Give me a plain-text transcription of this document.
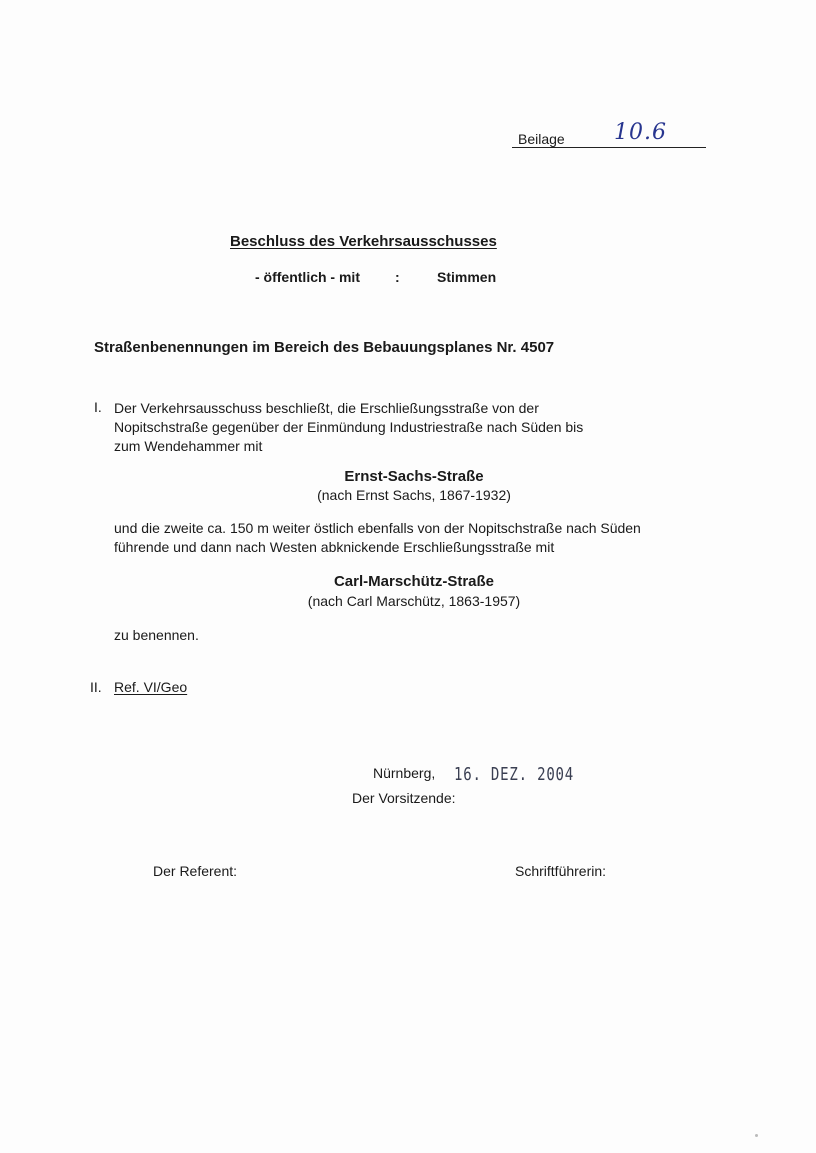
Beilage 10.6
Beschluss des Verkehrsausschusses
- öffentlich - mit	:	Stimmen
Straßenbenennungen im Bereich des Bebauungsplanes Nr. 4507
I. Der Verkehrsausschuss beschließt, die Erschließungsstraße von der
Nopitschstraße gegenüber der Einmündung Industriestraße nach Süden bis
zum Wendehammer mit
Ernst-Sachs-Straße
(nach Ernst Sachs, 1867-1932)
und die zweite ca. 150 m weiter östlich ebenfalls von der Nopitschstraße nach Süden
führende und dann nach Westen abknickende Erschließungsstraße mit
Carl-Marschütz-Straße
(nach Carl Marschütz, 1863-1957)
zu benennen.
II. Ref. VI/Geo
Nürnberg, 16. DEZ. 2004
Der Vorsitzende:
Der Referent:	Schriftführerin:
